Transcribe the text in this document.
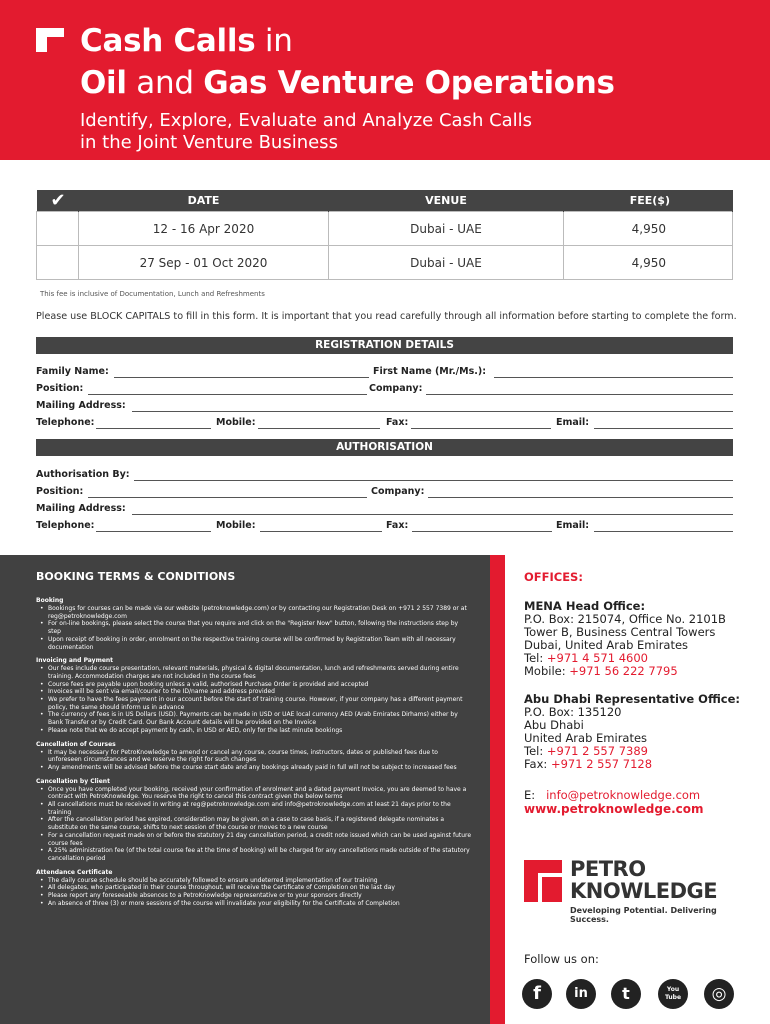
Cash Calls in
Oil and Gas Venture Operations
Identify, Explore, Evaluate and Analyze Cash Calls
in the Joint Venture Business
✔	DATE	VENUE	FEE($)
	12 - 16 Apr 2020	Dubai - UAE	4,950
	27 Sep - 01 Oct 2020	Dubai - UAE	4,950
This fee is inclusive of Documentation, Lunch and Refreshments
Please use BLOCK CAPITALS to fill in this form. It is important that you read carefully through all information before starting to complete the form.
REGISTRATION DETAILS
Family Name:	First Name (Mr./Ms.):
Position:	Company:
Mailing Address:
Telephone:	Mobile:	Fax:	Email:
AUTHORISATION
Authorisation By:
Position:	Company:
Mailing Address:
Telephone:	Mobile:	Fax:	Email:
BOOKING TERMS & CONDITIONS
Booking
• Bookings for courses can be made via our website (petroknowledge.com) or by contacting our Registration Desk on +971 2 557 7389 or at reg@petroknowledge.com
• For on-line bookings, please select the course that you require and click on the "Register Now" button, following the instructions step by step
• Upon receipt of booking in order, enrolment on the respective training course will be confirmed by Registration Team with all necessary documentation
Invoicing and Payment
• Our fees include course presentation, relevant materials, physical & digital documentation, lunch and refreshments served during entire training. Accommodation charges are not included in the course fees
• Course fees are payable upon booking unless a valid, authorised Purchase Order is provided and accepted
• Invoices will be sent via email/courier to the ID/name and address provided
• We prefer to have the fees payment in our account before the start of training course. However, if your company has a different payment policy, the same should inform us in advance
• The currency of fees is in US Dollars (USD). Payments can be made in USD or UAE local currency AED (Arab Emirates Dirhams) either by Bank Transfer or by Credit Card. Our Bank Account details will be provided on the Invoice
• Please note that we do accept payment by cash, in USD or AED, only for the last minute bookings
Cancellation of Courses
• It may be necessary for PetroKnowledge to amend or cancel any course, course times, instructors, dates or published fees due to unforeseen circumstances and we reserve the right for such changes
• Any amendments will be advised before the course start date and any bookings already paid in full will not be subject to increased fees
Cancellation by Client
• Once you have completed your booking, received your confirmation of enrolment and a dated payment Invoice, you are deemed to have a contract with PetroKnowledge. You reserve the right to cancel this contract given the below terms
• All cancellations must be received in writing at reg@petroknowledge.com and info@petroknowledge.com at least 21 days prior to the training
• After the cancellation period has expired, consideration may be given, on a case to case basis, if a registered delegate nominates a substitute on the same course, shifts to next session of the course or moves to a new course
• For a cancellation request made on or before the statutory 21 day cancellation period, a credit note issued which can be used against future course fees
• A 25% administration fee (of the total course fee at the time of booking) will be charged for any cancellations made outside of the statutory cancellation period
Attendance Certificate
• The daily course schedule should be accurately followed to ensure undeterred implementation of our training
• All delegates, who participated in their course throughout, will receive the Certificate of Completion on the last day
• Please report any foreseeable absences to a PetroKnowledge representative or to your sponsors directly
• An absence of three (3) or more sessions of the course will invalidate your eligibility for the Certificate of Completion
OFFICES:
MENA Head Office:
P.O. Box: 215074, Office No. 2101B
Tower B, Business Central Towers
Dubai, United Arab Emirates
Tel: +971 4 571 4600
Mobile: +971 56 222 7795
Abu Dhabi Representative Office:
P.O. Box: 135120
Abu Dhabi
United Arab Emirates
Tel: +971 2 557 7389
Fax: +971 2 557 7128
E: info@petroknowledge.com
www.petroknowledge.com
PETRO
KNOWLEDGE
Developing Potential. Delivering Success.
Follow us on:
f	in	t	You
Tube	◎
